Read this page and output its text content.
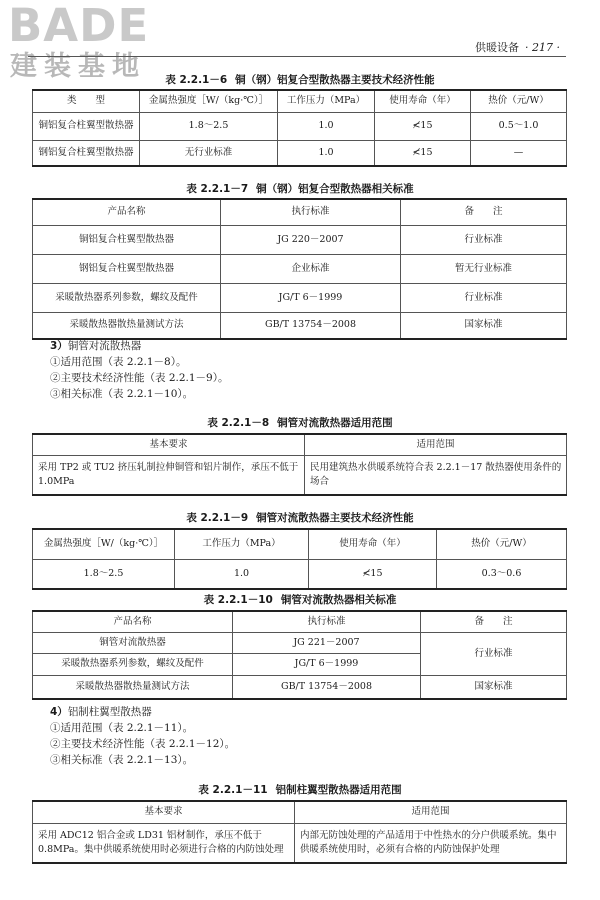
BADE
建装基地
供暖设备 · 217 ·
表 2.2.1－6 铜（钢）铝复合型散热器主要技术经济性能
类　　型	金属热强度［W/（kg·℃）］	工作压力（MPa）	使用寿命（年）	热价（元/W）
铜铝复合柱翼型散热器	1.8～2.5	1.0	≮15	0.5～1.0
钢铝复合柱翼型散热器	无行业标准	1.0	≮15	—
表 2.2.1－7 铜（钢）铝复合型散热器相关标准
产品名称	执行标准	备　　注
铜铝复合柱翼型散热器	JG 220－2007	行业标准
钢铝复合柱翼型散热器	企业标准	暂无行业标准
采暖散热器系列参数，螺纹及配件	JG/T 6－1999	行业标准
采暖散热器散热量测试方法	GB/T 13754－2008	国家标准
3）铜管对流散热器
①适用范围（表 2.2.1－8）。
②主要技术经济性能（表 2.2.1－9）。
③相关标准（表 2.2.1－10）。
表 2.2.1－8 铜管对流散热器适用范围
基本要求	适用范围
采用 TP2 或 TU2 挤压轧制拉伸铜管和铝片制作，承压不低于 1.0MPa	民用建筑热水供暖系统符合表 2.2.1－17 散热器使用条件的场合
表 2.2.1－9 铜管对流散热器主要技术经济性能
金属热强度［W/（kg·℃）］	工作压力（MPa）	使用寿命（年）	热价（元/W）
1.8～2.5	1.0	≮15	0.3～0.6
表 2.2.1－10 铜管对流散热器相关标准
产品名称	执行标准	备　　注
铜管对流散热器	JG 221－2007	行业标准
采暖散热器系列参数，螺纹及配件	JG/T 6－1999	
采暖散热器散热量测试方法	GB/T 13754－2008	国家标准
4）铝制柱翼型散热器
①适用范围（表 2.2.1－11）。
②主要技术经济性能（表 2.2.1－12）。
③相关标准（表 2.2.1－13）。
表 2.2.1－11 铝制柱翼型散热器适用范围
基本要求	适用范围
采用 ADC12 铝合金或 LD31 铝材制作，承压不低于 0.8MPa。集中供暖系统使用时必须进行合格的内防蚀处理	内部无防蚀处理的产品适用于中性热水的分户供暖系统。集中供暖系统使用时，必须有合格的内防蚀保护处理
